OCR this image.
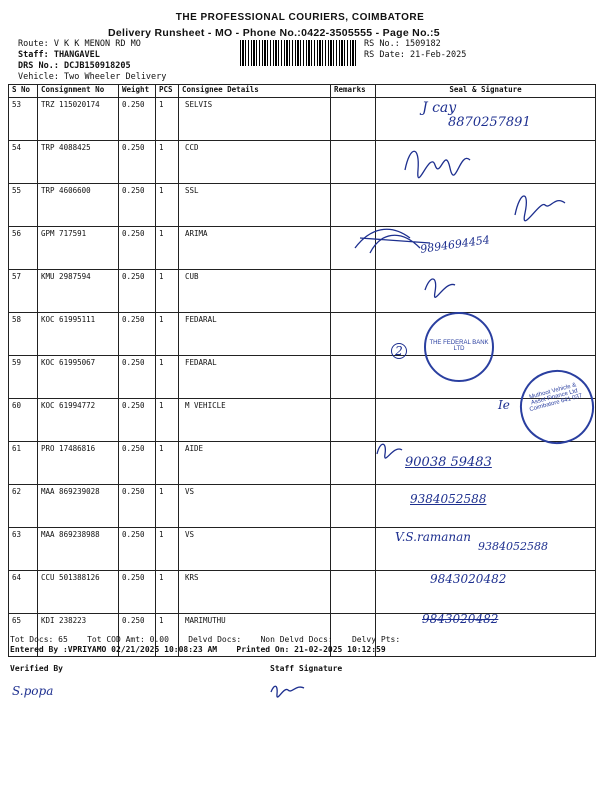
THE PROFESSIONAL COURIERS, COIMBATORE
Delivery Runsheet - MO - Phone No.:0422-3505555 - Page No.:5
Route: V K K MENON RD MO
Staff: THANGAVEL
DRS No.: DCJB150918205
Vehicle: Two Wheeler Delivery
RS No.: 1509182
RS Date: 21-Feb-2025
S No	Consignment No	Weight	PCS	Consignee Details	Remarks	Seal & Signature
53	TRZ 115020174	0.250	1	SELVIS		
54	TRP 4088425	0.250	1	CCD		
55	TRP 4606600	0.250	1	SSL		
56	GPM 717591	0.250	1	ARIMA		
57	KMU 2987594	0.250	1	CUB		
58	KOC 61995111	0.250	1	FEDARAL		
59	KOC 61995067	0.250	1	FEDARAL		
60	KOC 61994772	0.250	1	M VEHICLE		
61	PRO 17486816	0.250	1	AIDE		
62	MAA 869239028	0.250	1	VS		
63	MAA 869238988	0.250	1	VS		
64	CCU 501388126	0.250	1	KRS		
65	KDI 238223	0.250	1	MARIMUTHU		
J cay
8870257891
9894694454
THE FEDERAL BANK LTD
2
Muthoot Vehicle & Asset Finance Ltd Coimbatore 641 037
Ie
90038 59483
9384052588
V.S.ramanan
9384052588
9843020482
9843020482
Tot Docs: 65 Tot COD Amt: 0.00 Delvd Docs: Non Delvd Docs: Delvy Pts:
Entered By :VPRIYAMO 02/21/2025 10:08:23 AM Printed On: 21-02-2025 10:12:59
Verified By	Staff Signature
S.popa
